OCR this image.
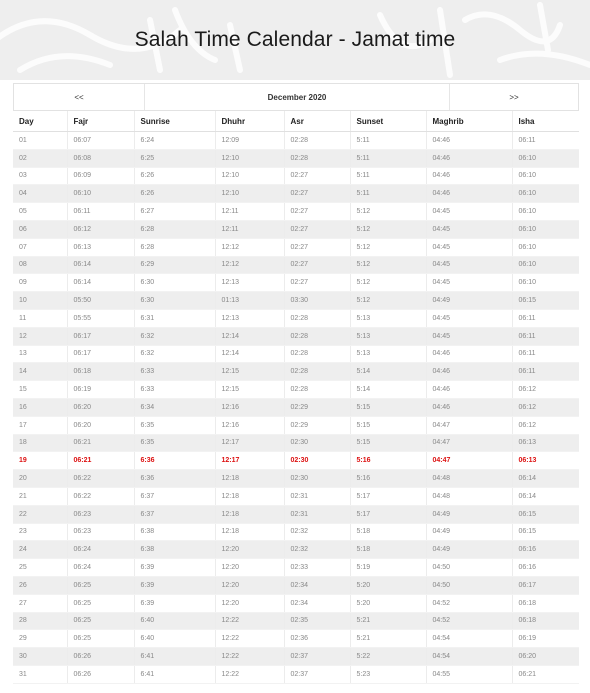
Salah Time Calendar - Jamat time
<<	December 2020	>>
Day	Fajr	Sunrise	Dhuhr	Asr	Sunset	Maghrib	Isha
01	06:07	6:24	12:09	02:28	5:11	04:46	06:11
02	06:08	6:25	12:10	02:28	5:11	04:46	06:10
03	06:09	6:26	12:10	02:27	5:11	04:46	06:10
04	06:10	6:26	12:10	02:27	5:11	04:46	06:10
05	06:11	6:27	12:11	02:27	5:12	04:45	06:10
06	06:12	6:28	12:11	02:27	5:12	04:45	06:10
07	06:13	6:28	12:12	02:27	5:12	04:45	06:10
08	06:14	6:29	12:12	02:27	5:12	04:45	06:10
09	06:14	6:30	12:13	02:27	5:12	04:45	06:10
10	05:50	6:30	01:13	03:30	5:12	04:49	06:15
11	05:55	6:31	12:13	02:28	5:13	04:45	06:11
12	06:17	6:32	12:14	02:28	5:13	04:45	06:11
13	06:17	6:32	12:14	02:28	5:13	04:46	06:11
14	06:18	6:33	12:15	02:28	5:14	04:46	06:11
15	06:19	6:33	12:15	02:28	5:14	04:46	06:12
16	06:20	6:34	12:16	02:29	5:15	04:46	06:12
17	06:20	6:35	12:16	02:29	5:15	04:47	06:12
18	06:21	6:35	12:17	02:30	5:15	04:47	06:13
19	06:21	6:36	12:17	02:30	5:16	04:47	06:13
20	06:22	6:36	12:18	02:30	5:16	04:48	06:14
21	06:22	6:37	12:18	02:31	5:17	04:48	06:14
22	06:23	6:37	12:18	02:31	5:17	04:49	06:15
23	06:23	6:38	12:18	02:32	5:18	04:49	06:15
24	06:24	6:38	12:20	02:32	5:18	04:49	06:16
25	06:24	6:39	12:20	02:33	5:19	04:50	06:16
26	06:25	6:39	12:20	02:34	5:20	04:50	06:17
27	06:25	6:39	12:20	02:34	5:20	04:52	06:18
28	06:25	6:40	12:22	02:35	5:21	04:52	06:18
29	06:25	6:40	12:22	02:36	5:21	04:54	06:19
30	06:26	6:41	12:22	02:37	5:22	04:54	06:20
31	06:26	6:41	12:22	02:37	5:23	04:55	06:21
